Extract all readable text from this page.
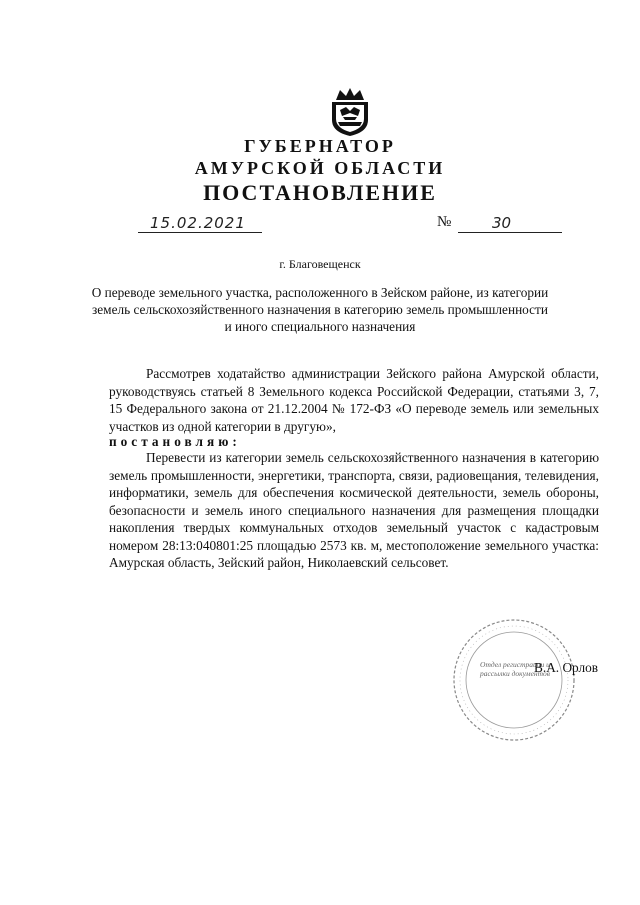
ГУБЕРНАТОР
АМУРСКОЙ ОБЛАСТИ
ПОСТАНОВЛЕНИЕ
15.02.2021	№	30
г. Благовещенск
О переводе земельного участка, расположенного в Зейском районе, из категории земель сельскохозяйственного назначения в категорию земель промышленности и иного специального назначения
Рассмотрев ходатайство администрации Зейского района Амурской области, руководствуясь статьей 8 Земельного кодекса Российской Федерации, статьями 3, 7, 15 Федерального закона от 21.12.2004 № 172-ФЗ «О переводе земель или земельных участков из одной категории в другую»,
постановляю:
Перевести из категории земель сельскохозяйственного назначения в категорию земель промышленности, энергетики, транспорта, связи, радиовещания, телевидения, информатики, земель для обеспечения космической деятельности, земель обороны, безопасности и земель иного специального назначения для размещения площадки накопления твердых коммунальных отходов земельный участок с кадастровым номером 28:13:040801:25 площадью 2573 кв. м, местоположение земельного участка: Амурская область, Зейский район, Николаевский сельсовет.
Отдел регистрации и рассылки документов
В.А. Орлов
